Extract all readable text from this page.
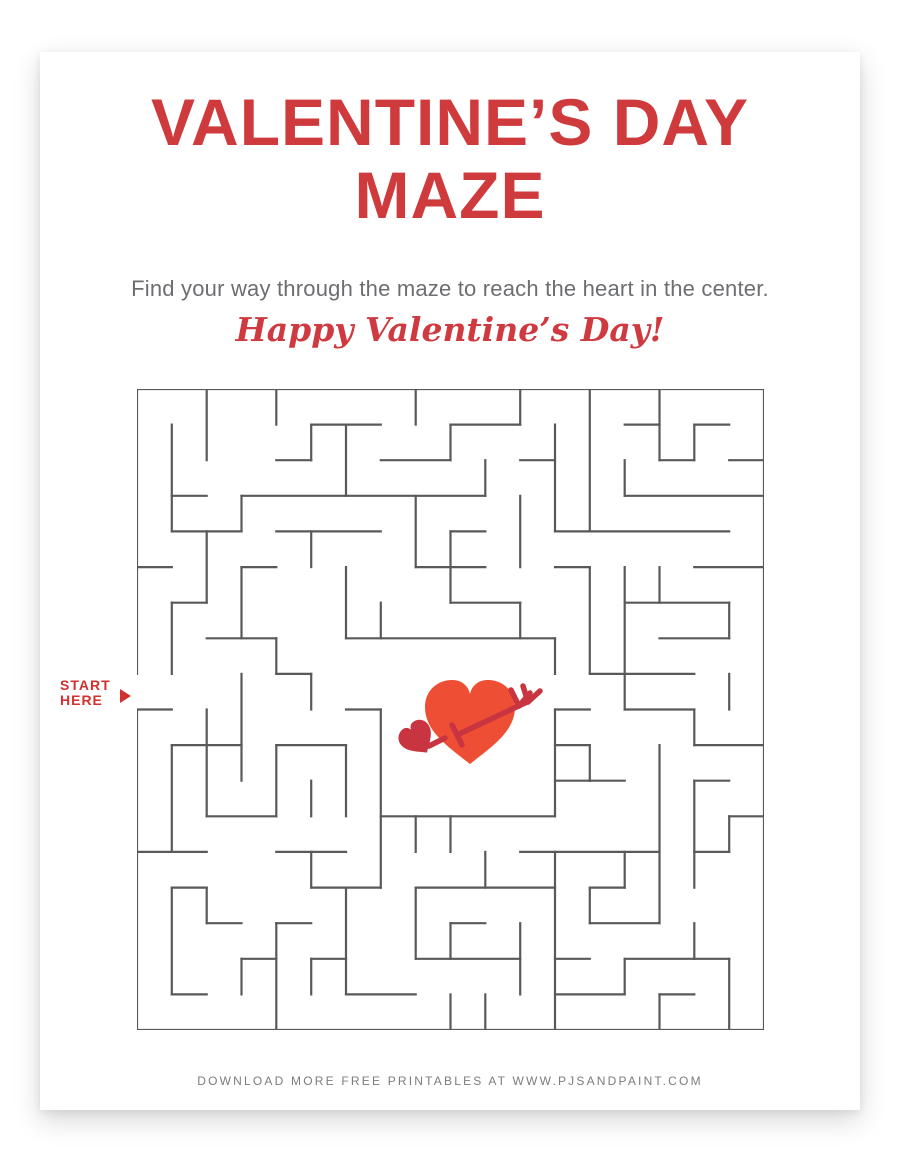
VALENTINE’S DAY
MAZE
Find your way through the maze to reach the heart in the center.
Happy Valentine’s Day!
START
HERE
DOWNLOAD MORE FREE PRINTABLES AT WWW.PJSANDPAINT.COM
